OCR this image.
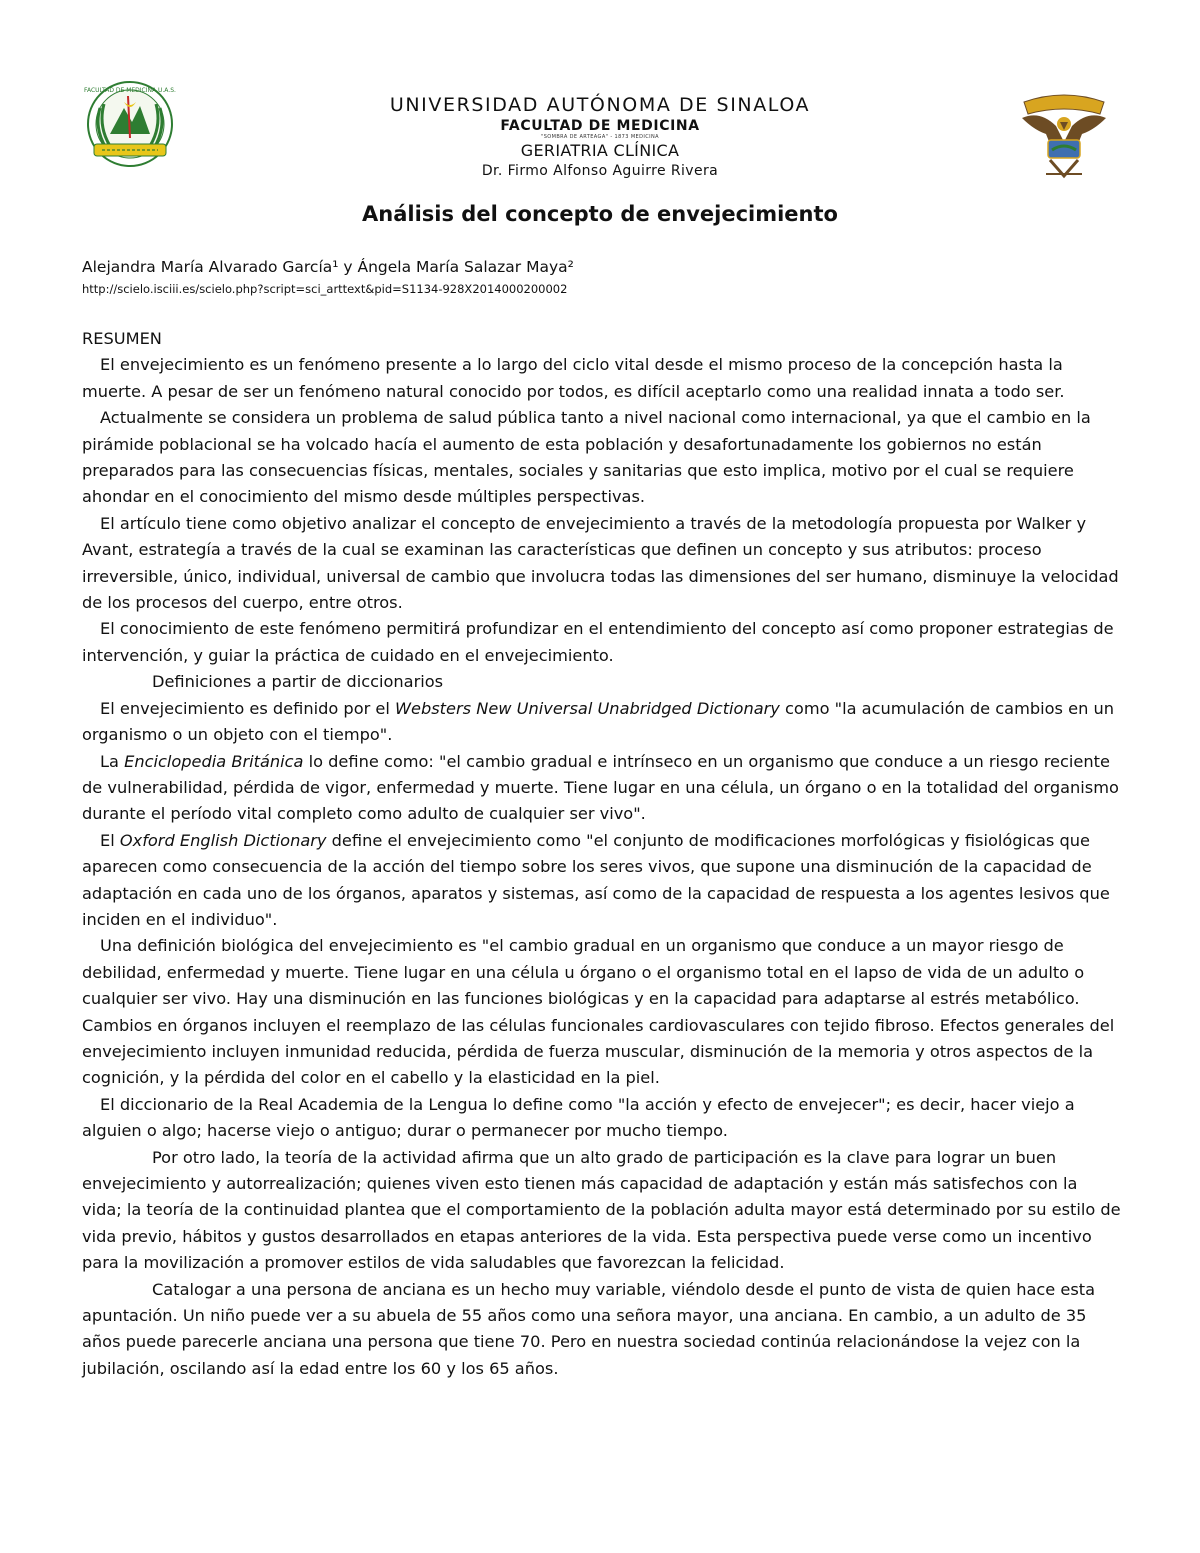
FACULTAD DE MEDICINA U.A.S.
UNIVERSIDAD AUTÓNOMA DE SINALOA
FACULTAD DE MEDICINA
"SOMBRA DE ARTEAGA" - 1873 MEDICINA
GERIATRIA CLÍNICA
Dr. Firmo Alfonso Aguirre Rivera
Análisis del concepto de envejecimiento
Alejandra María Alvarado García¹ y Ángela María Salazar Maya²
http://scielo.isciii.es/scielo.php?script=sci_arttext&pid=S1134-928X2014000200002

RESUMEN

El envejecimiento es un fenómeno presente a lo largo del ciclo vital desde el mismo proceso de la concepción hasta la muerte. A pesar de ser un fenómeno natural conocido por todos, es difícil aceptarlo como una realidad innata a todo ser.

Actualmente se considera un problema de salud pública tanto a nivel nacional como internacional, ya que el cambio en la pirámide poblacional se ha volcado hacía el aumento de esta población y desafortunadamente los gobiernos no están preparados para las consecuencias físicas, mentales, sociales y sanitarias que esto implica, motivo por el cual se requiere ahondar en el conocimiento del mismo desde múltiples perspectivas.

El artículo tiene como objetivo analizar el concepto de envejecimiento a través de la metodología propuesta por Walker y Avant, estrategía a través de la cual se examinan las características que definen un concepto y sus atributos: proceso irreversible, único, individual, universal de cambio que involucra todas las dimensiones del ser humano, disminuye la velocidad de los procesos del cuerpo, entre otros.

El conocimiento de este fenómeno permitirá profundizar en el entendimiento del concepto así como proponer estrategias de intervención, y guiar la práctica de cuidado en el envejecimiento.

Definiciones a partir de diccionarios

El envejecimiento es definido por el Websters New Universal Unabridged Dictionary como "la acumulación de cambios en un organismo o un objeto con el tiempo".

La Enciclopedia Británica lo define como: "el cambio gradual e intrínseco en un organismo que conduce a un riesgo reciente de vulnerabilidad, pérdida de vigor, enfermedad y muerte. Tiene lugar en una célula, un órgano o en la totalidad del organismo durante el período vital completo como adulto de cualquier ser vivo".

El Oxford English Dictionary define el envejecimiento como "el conjunto de modificaciones morfológicas y fisiológicas que aparecen como consecuencia de la acción del tiempo sobre los seres vivos, que supone una disminución de la capacidad de adaptación en cada uno de los órganos, aparatos y sistemas, así como de la capacidad de respuesta a los agentes lesivos que inciden en el individuo".

Una definición biológica del envejecimiento es "el cambio gradual en un organismo que conduce a un mayor riesgo de debilidad, enfermedad y muerte. Tiene lugar en una célula u órgano o el organismo total en el lapso de vida de un adulto o cualquier ser vivo. Hay una disminución en las funciones biológicas y en la capacidad para adaptarse al estrés metabólico. Cambios en órganos incluyen el reemplazo de las células funcionales cardiovasculares con tejido fibroso. Efectos generales del envejecimiento incluyen inmunidad reducida, pérdida de fuerza muscular, disminución de la memoria y otros aspectos de la cognición, y la pérdida del color en el cabello y la elasticidad en la piel.

El diccionario de la Real Academia de la Lengua lo define como "la acción y efecto de envejecer"; es decir, hacer viejo a alguien o algo; hacerse viejo o antiguo; durar o permanecer por mucho tiempo.

Por otro lado, la teoría de la actividad afirma que un alto grado de participación es la clave para lograr un buen envejecimiento y autorrealización; quienes viven esto tienen más capacidad de adaptación y están más satisfechos con la vida; la teoría de la continuidad plantea que el comportamiento de la población adulta mayor está determinado por su estilo de vida previo, hábitos y gustos desarrollados en etapas anteriores de la vida. Esta perspectiva puede verse como un incentivo para la movilización a promover estilos de vida saludables que favorezcan la felicidad.

Catalogar a una persona de anciana es un hecho muy variable, viéndolo desde el punto de vista de quien hace esta apuntación. Un niño puede ver a su abuela de 55 años como una señora mayor, una anciana. En cambio, a un adulto de 35 años puede parecerle anciana una persona que tiene 70. Pero en nuestra sociedad continúa relacionándose la vejez con la jubilación, oscilando así la edad entre los 60 y los 65 años.
